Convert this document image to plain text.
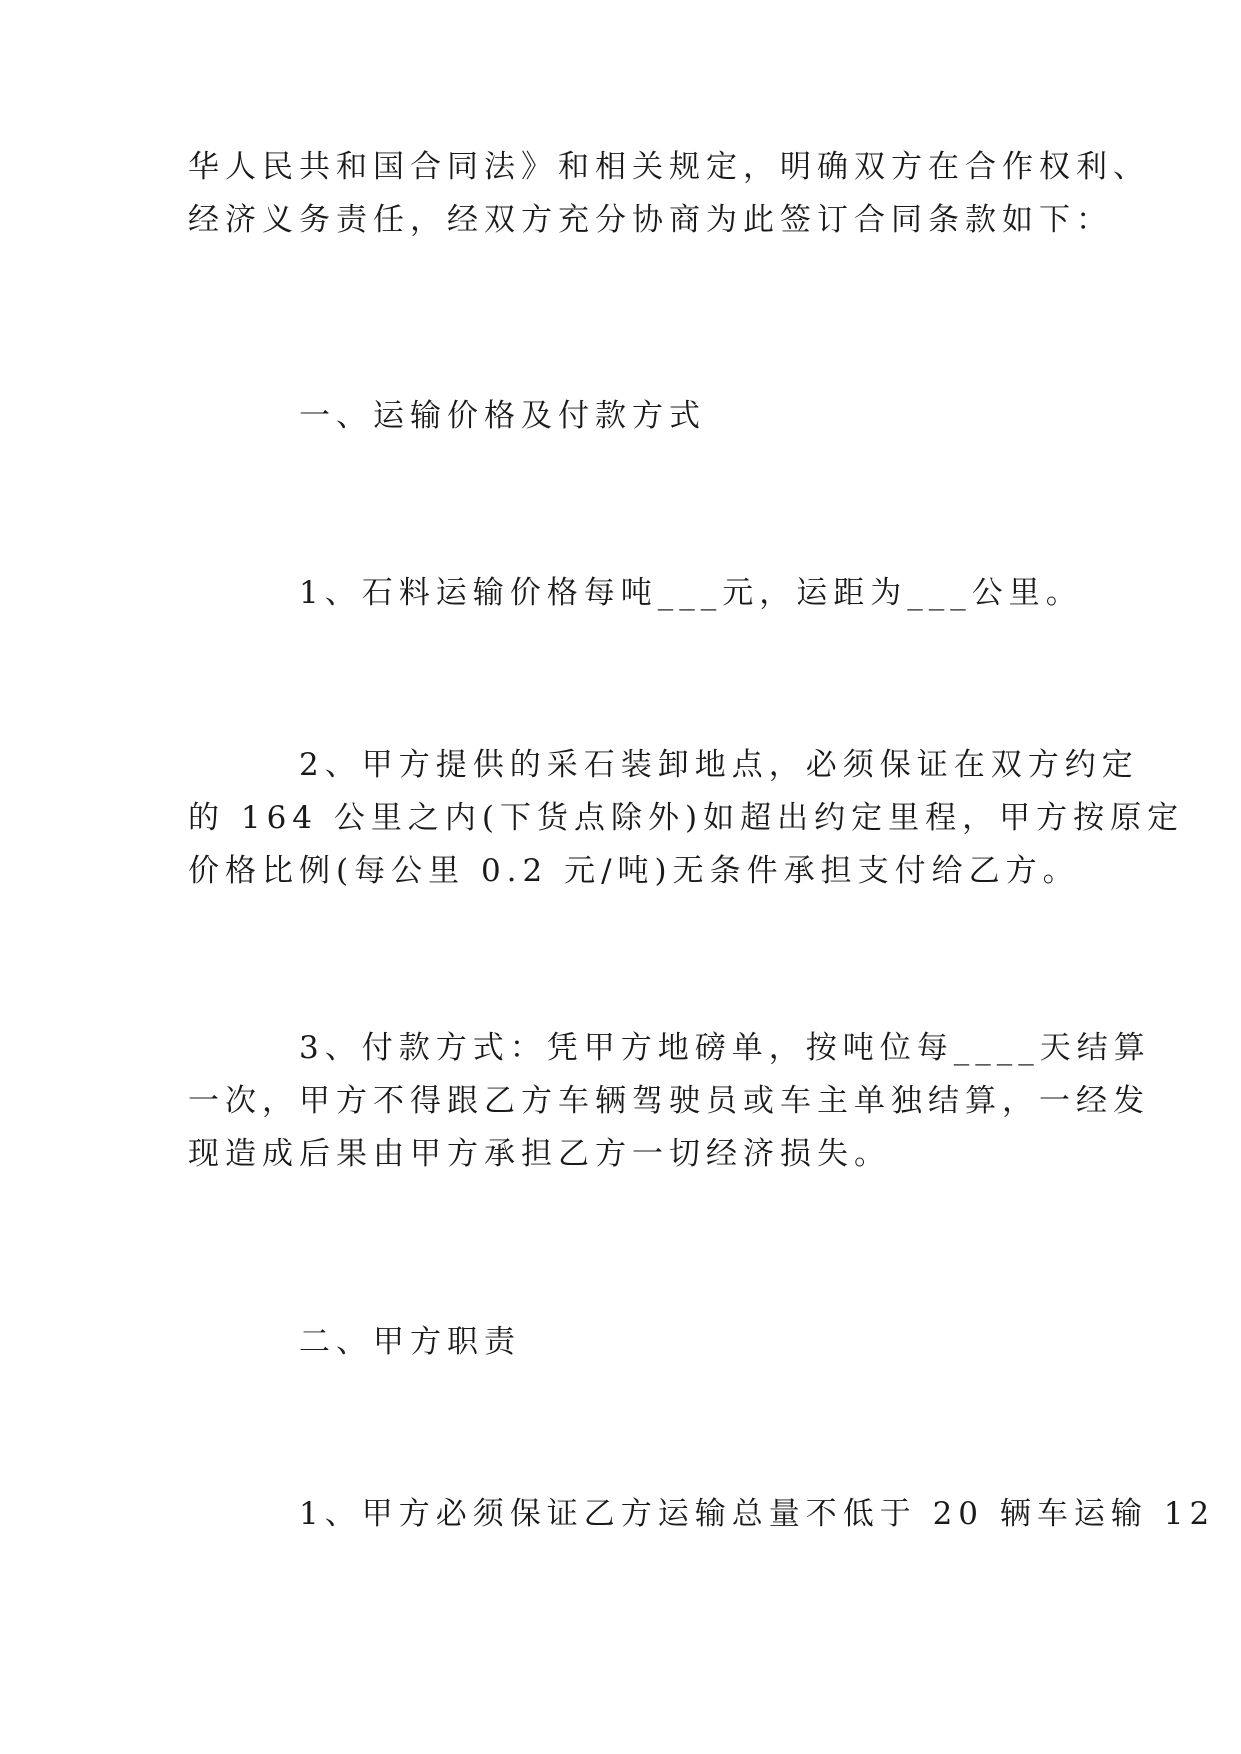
华人民共和国合同法》和相关规定，明确双方在合作权利、
经济义务责任，经双方充分协商为此签订合同条款如下：
一、运输价格及付款方式
1、石料运输价格每吨___元，运距为___公里。
2、甲方提供的采石装卸地点，必须保证在双方约定
的 164 公里之内(下货点除外)如超出约定里程，甲方按原定
价格比例(每公里 0.2 元/吨)无条件承担支付给乙方。
3、付款方式：凭甲方地磅单，按吨位每____天结算
一次，甲方不得跟乙方车辆驾驶员或车主单独结算，一经发
现造成后果由甲方承担乙方一切经济损失。
二、甲方职责
1、甲方必须保证乙方运输总量不低于 20 辆车运输 12
